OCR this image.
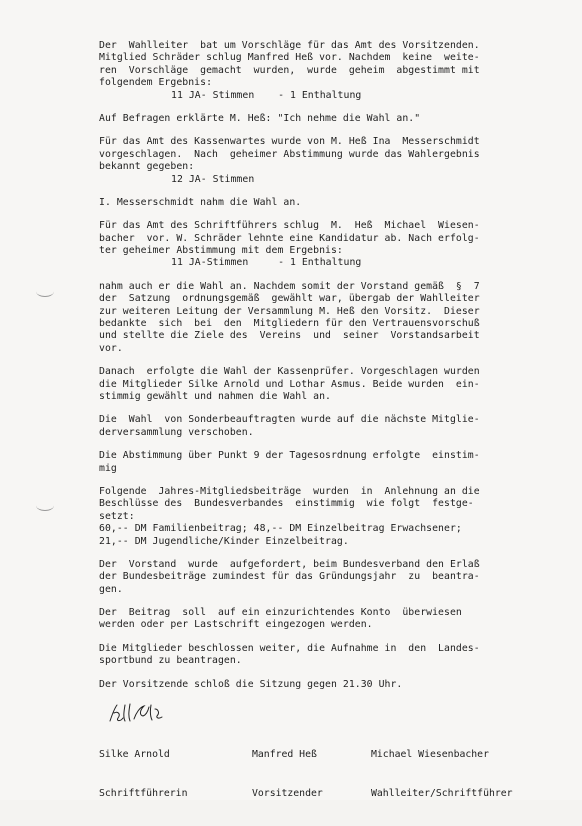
Der  Wahlleiter  bat um Vorschläge für das Amt des Vorsitzenden.
Mitglied Schräder schlug Manfred Heß vor. Nachdem  keine  weite-
ren  Vorschläge  gemacht  wurden,  wurde  geheim  abgestimmt mit
folgendem Ergebnis:
11 JA- Stimmen    - 1 Enthaltung
Auf Befragen erklärte M. Heß: "Ich nehme die Wahl an."
Für das Amt des Kassenwartes wurde von M. Heß Ina  Messerschmidt
vorgeschlagen.  Nach  geheimer Abstimmung wurde das Wahlergebnis
bekannt gegeben:
12 JA- Stimmen
I. Messerschmidt nahm die Wahl an.
Für das Amt des Schriftführers schlug  M.  Heß  Michael  Wiesen-
bacher  vor. W. Schräder lehnte eine Kandidatur ab. Nach erfolg-
ter geheimer Abstimmung mit dem Ergebnis:
11 JA-Stimmen     - 1 Enthaltung
nahm auch er die Wahl an. Nachdem somit der Vorstand gemäß  §  7
der  Satzung  ordnungsgemäß  gewählt war, übergab der Wahlleiter
zur weiteren Leitung der Versammlung M. Heß den Vorsitz.  Dieser
bedankte  sich  bei  den  Mitgliedern für den Vertrauensvorschuß
und stellte die Ziele des  Vereins  und  seiner  Vorstandsarbeit
vor.
Danach  erfolgte die Wahl der Kassenprüfer. Vorgeschlagen wurden
die Mitglieder Silke Arnold und Lothar Asmus. Beide wurden  ein-
stimmig gewählt und nahmen die Wahl an.
Die  Wahl  von Sonderbeauftragten wurde auf die nächste Mitglie-
derversammlung verschoben.
Die Abstimmung über Punkt 9 der Tagesosrdnung erfolgte  einstim-
mig
Folgende  Jahres-Mitgliedsbeiträge  wurden  in  Anlehnung an die
Beschlüsse des  Bundesverbandes  einstimmig  wie folgt  festge-
setzt:
60,-- DM Familienbeitrag; 48,-- DM Einzelbeitrag Erwachsener;
21,-- DM Jugendliche/Kinder Einzelbeitrag.
Der  Vorstand  wurde  aufgefordert, beim Bundesverband den Erlaß
der Bundesbeiträge zumindest für das Gründungsjahr  zu  beantra-
gen.
Der  Beitrag  soll  auf ein einzurichtendes Konto  überwiesen
werden oder per Lastschrift eingezogen werden.
Die Mitglieder beschlossen weiter, die Aufnahme in  den  Landes-
sportbund zu beantragen.
Der Vorsitzende schloß die Sitzung gegen 21.30 Uhr.

Silke Arnold

Schriftführerin

Manfred Heß

Vorsitzender

Michael Wiesenbacher

Wahlleiter/Schriftführer
